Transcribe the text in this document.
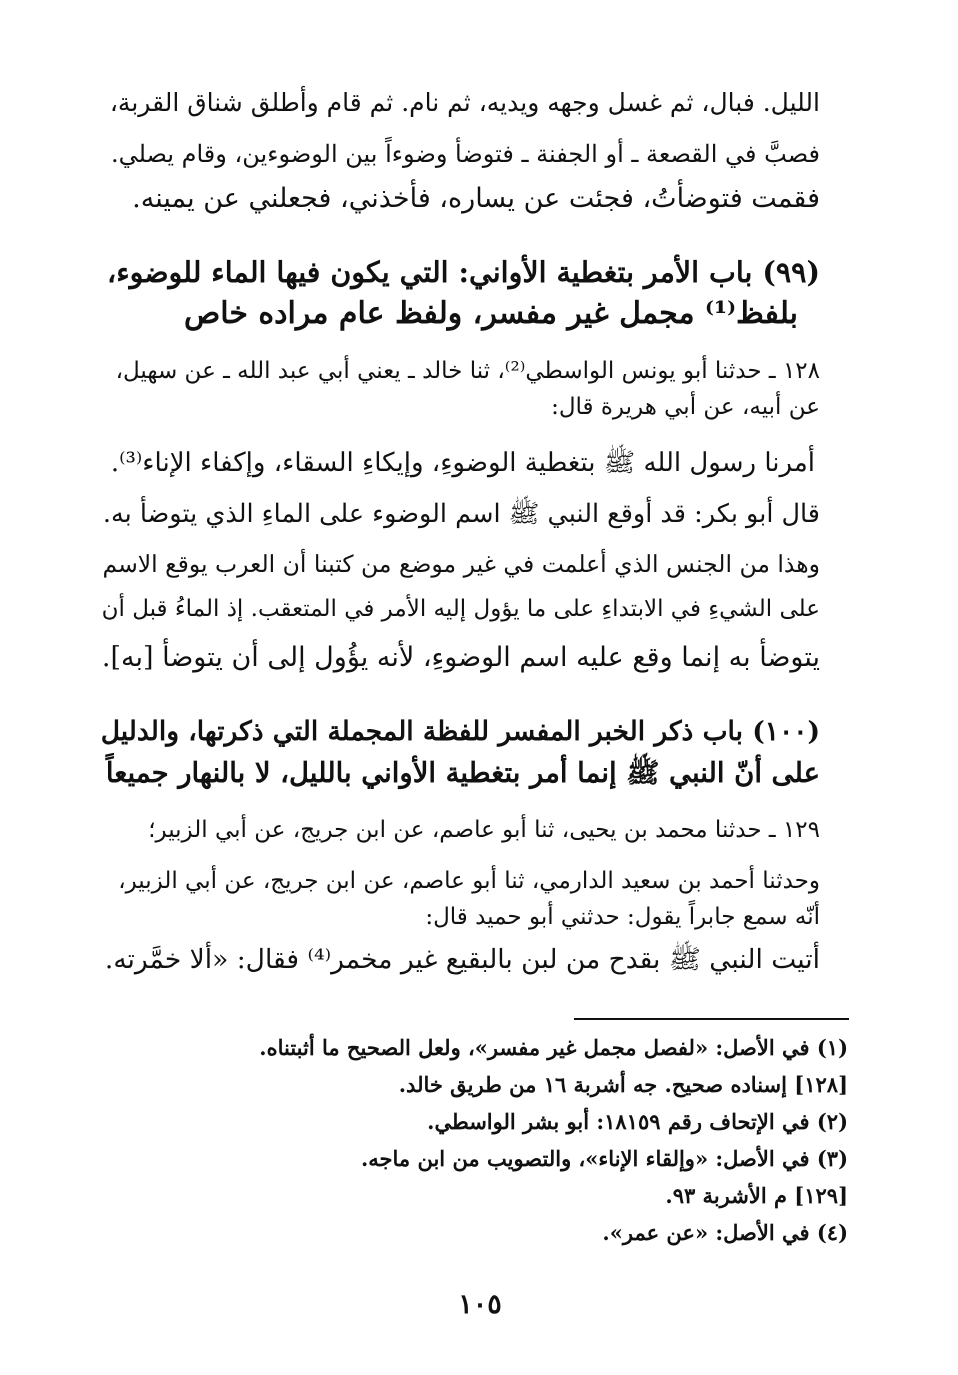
الليل. فبال، ثم غسل وجهه ويديه، ثم نام. ثم قام وأطلق شناق القربة،
فصبَّ في القصعة ـ أو الجفنة ـ فتوضأ وضوءاً بين الوضوءين، وقام يصلي.
فقمت فتوضأتُ، فجئت عن يساره، فأخذني، فجعلني عن يمينه.
(٩٩) باب الأمر بتغطية الأواني: التي يكون فيها الماء للوضوء،
بلفظ⁽¹⁾ مجمل غير مفسر، ولفظ عام مراده خاص
١٢٨ ـ حدثنا أبو يونس الواسطي⁽²⁾، ثنا خالد ـ يعني أبي عبد الله ـ عن سهيل،
عن أبيه، عن أبي هريرة قال:
أمرنا رسول الله ﷺ بتغطية الوضوءِ، وإيكاءِ السقاء، وإكفاء الإناء⁽³⁾.
قال أبو بكر: قد أوقع النبي ﷺ اسم الوضوء على الماءِ الذي يتوضأ به.
وهذا من الجنس الذي أعلمت في غير موضع من كتبنا أن العرب يوقع الاسم
على الشيءِ في الابتداءِ على ما يؤول إليه الأمر في المتعقب. إذ الماءُ قبل أن
يتوضأ به إنما وقع عليه اسم الوضوءِ، لأنه يؤُول إلى أن يتوضأ [به].
(١٠٠) باب ذكر الخبر المفسر للفظة المجملة التي ذكرتها، والدليل
على أنّ النبي ﷺ إنما أمر بتغطية الأواني بالليل، لا بالنهار جميعاً
١٢٩ ـ حدثنا محمد بن يحيى، ثنا أبو عاصم، عن ابن جريج، عن أبي الزبير؛
وحدثنا أحمد بن سعيد الدارمي، ثنا أبو عاصم، عن ابن جريج، عن أبي الزبير،
أنّه سمع جابراً يقول: حدثني أبو حميد قال:
أتيت النبي ﷺ بقدح من لبن بالبقيع غير مخمر⁽⁴⁾ فقال: «ألا خمَّرته.
(١) في الأصل: «لفصل مجمل غير مفسر»، ولعل الصحيح ما أثبتناه.
[١٢٨] إسناده صحيح. جه أشربة ١٦ من طريق خالد.
(٢) في الإتحاف رقم ١٨١٥٩: أبو بشر الواسطي.
(٣) في الأصل: «وإلقاء الإناء»، والتصويب من ابن ماجه.
[١٢٩] م الأشربة ٩٣.
(٤) في الأصل: «عن عمر».
١٠٥
